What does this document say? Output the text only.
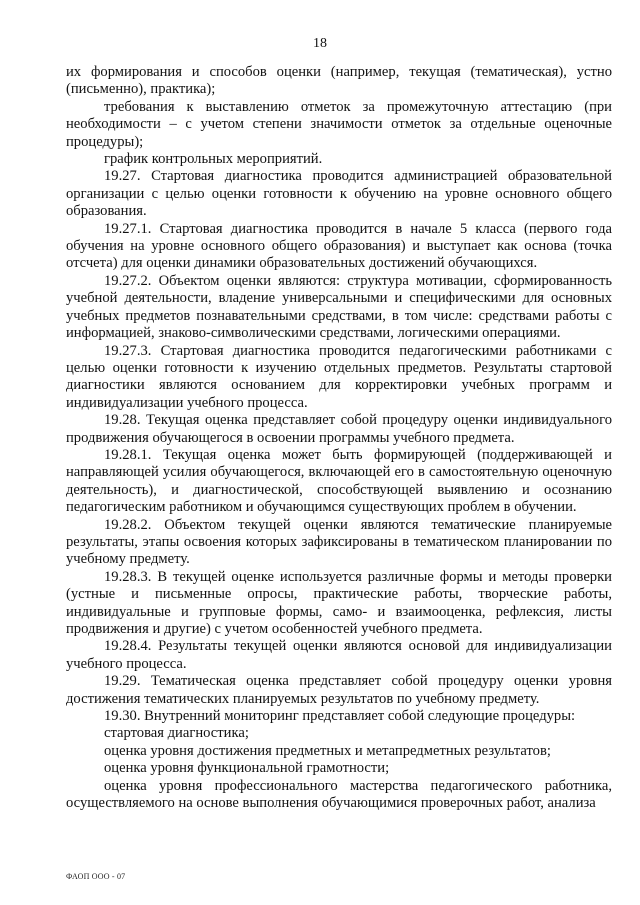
18

их формирования и способов оценки (например, текущая (тематическая), устно (письменно), практика);

требования к выставлению отметок за промежуточную аттестацию (при необходимости – с учетом степени значимости отметок за отдельные оценочные процедуры);

график контрольных мероприятий.

19.27. Стартовая диагностика проводится администрацией образовательной организации с целью оценки готовности к обучению на уровне основного общего образования.

19.27.1. Стартовая диагностика проводится в начале 5 класса (первого года обучения на уровне основного общего образования) и выступает как основа (точка отсчета) для оценки динамики образовательных достижений обучающихся.

19.27.2. Объектом оценки являются: структура мотивации, сформированность учебной деятельности, владение универсальными и специфическими для основных учебных предметов познавательными средствами, в том числе: средствами работы с информацией, знаково-символическими средствами, логическими операциями.

19.27.3. Стартовая диагностика проводится педагогическими работниками с целью оценки готовности к изучению отдельных предметов. Результаты стартовой диагностики являются основанием для корректировки учебных программ и индивидуализации учебного процесса.

19.28. Текущая оценка представляет собой процедуру оценки индивидуального продвижения обучающегося в освоении программы учебного предмета.

19.28.1. Текущая оценка может быть формирующей (поддерживающей и направляющей усилия обучающегося, включающей его в самостоятельную оценочную деятельность), и диагностической, способствующей выявлению и осознанию педагогическим работником и обучающимся существующих проблем в обучении.

19.28.2. Объектом текущей оценки являются тематические планируемые результаты, этапы освоения которых зафиксированы в тематическом планировании по учебному предмету.

19.28.3. В текущей оценке используется различные формы и методы проверки (устные и письменные опросы, практические работы, творческие работы, индивидуальные и групповые формы, само- и взаимооценка, рефлексия, листы продвижения и другие) с учетом особенностей учебного предмета.

19.28.4. Результаты текущей оценки являются основой для индивидуализации учебного процесса.

19.29. Тематическая оценка представляет собой процедуру оценки уровня достижения тематических планируемых результатов по учебному предмету.

19.30. Внутренний мониторинг представляет собой следующие процедуры:

стартовая диагностика;

оценка уровня достижения предметных и метапредметных результатов;

оценка уровня функциональной грамотности;

оценка уровня профессионального мастерства педагогического работника, осуществляемого на основе выполнения обучающимися проверочных работ, анализа

ФАОП ООО - 07
